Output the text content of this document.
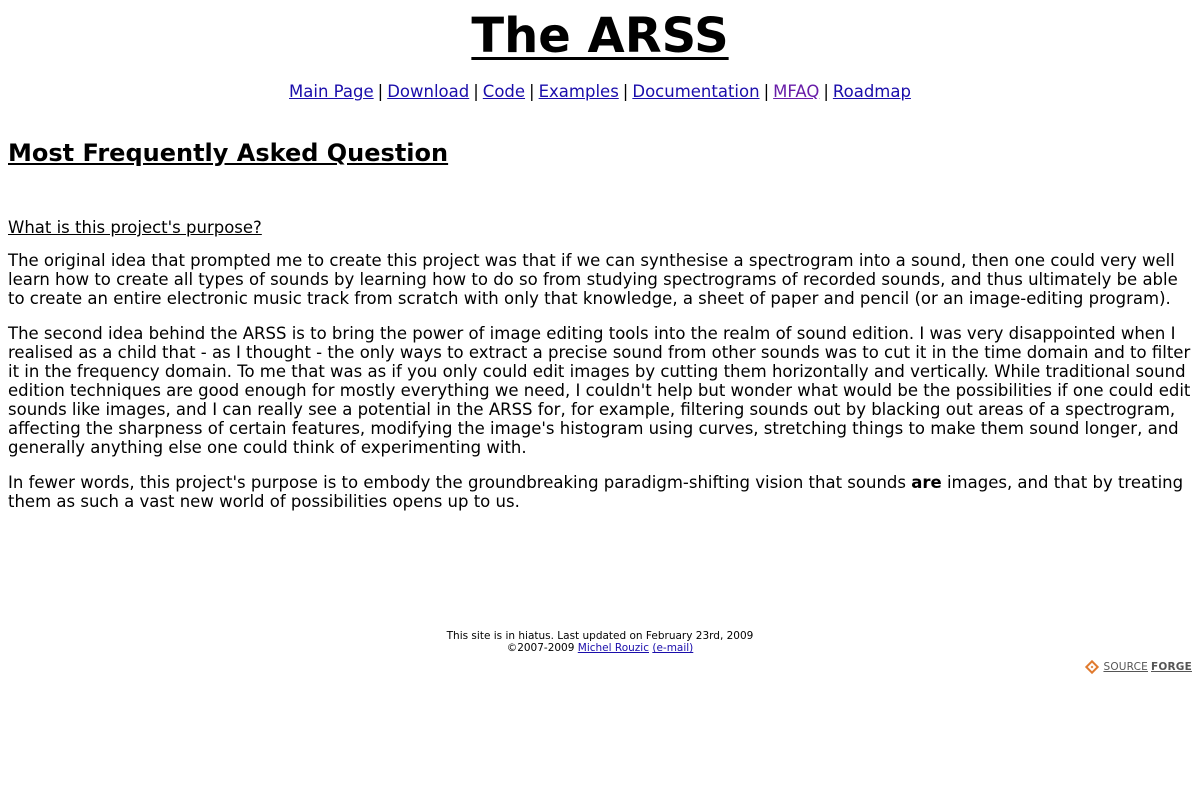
The ARSS
Main Page | Download | Code | Examples | Documentation | MFAQ | Roadmap
Most Frequently Asked Question
What is this project's purpose?

The original idea that prompted me to create this project was that if we can synthesise a spectrogram into a sound, then one could very well learn how to create all types of sounds by learning how to do so from studying spectrograms of recorded sounds, and thus ultimately be able to create an entire electronic music track from scratch with only that knowledge, a sheet of paper and pencil (or an image-editing program).

The second idea behind the ARSS is to bring the power of image editing tools into the realm of sound edition. I was very disappointed when I realised as a child that - as I thought - the only ways to extract a precise sound from other sounds was to cut it in the time domain and to filter it in the frequency domain. To me that was as if you only could edit images by cutting them horizontally and vertically. While traditional sound edition techniques are good enough for mostly everything we need, I couldn't help but wonder what would be the possibilities if one could edit sounds like images, and I can really see a potential in the ARSS for, for example, filtering sounds out by blacking out areas of a spectrogram, affecting the sharpness of certain features, modifying the image's histogram using curves, stretching things to make them sound longer, and generally anything else one could think of experimenting with.

In fewer words, this project's purpose is to embody the groundbreaking paradigm-shifting vision that sounds are images, and that by treating them as such a vast new world of possibilities opens up to us.

This site is in hiatus. Last updated on February 23rd, 2009
©2007-2009 Michel Rouzic (e-mail)
SOURCE FORGE
